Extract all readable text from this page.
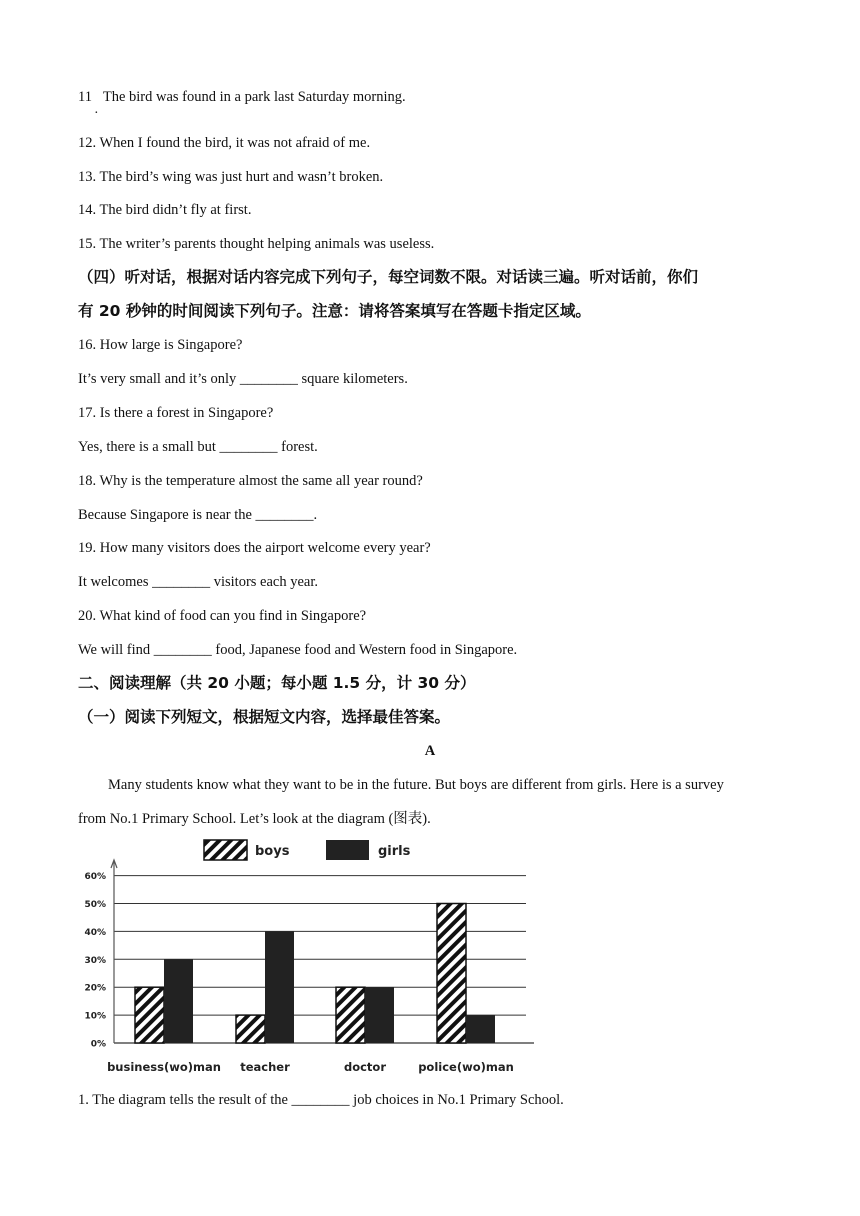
11 The bird was found in a park last Saturday morning.
·
12. When I found the bird, it was not afraid of me.
13. The bird’s wing was just hurt and wasn’t broken.
14. The bird didn’t fly at first.
15. The writer’s parents thought helping animals was useless.
（四）听对话，根据对话内容完成下列句子，每空词数不限。对话读三遍。听对话前，你们
有 20 秒钟的时间阅读下列句子。注意：请将答案填写在答题卡指定区域。
16. How large is Singapore?
It’s very small and it’s only ________ square kilometers.
17. Is there a forest in Singapore?
Yes, there is a small but ________ forest.
18. Why is the temperature almost the same all year round?
Because Singapore is near the ________.
19. How many visitors does the airport welcome every year?
It welcomes ________ visitors each year.
20. What kind of food can you find in Singapore?
We will find ________ food, Japanese food and Western food in Singapore.
二、阅读理解（共 20 小题；每小题 1.5 分，计 30 分）
（一）阅读下列短文，根据短文内容，选择最佳答案。
A
Many students know what they want to be in the future. But boys are different from girls. Here is a survey
from No.1 Primary School. Let’s look at the diagram (图表).
boys	girls
0%
10%
20%
30%
40%
50%
60%
business(wo)man teacher	doctor	police(wo)man
1. The diagram tells the result of the ________ job choices in No.1 Primary School.
